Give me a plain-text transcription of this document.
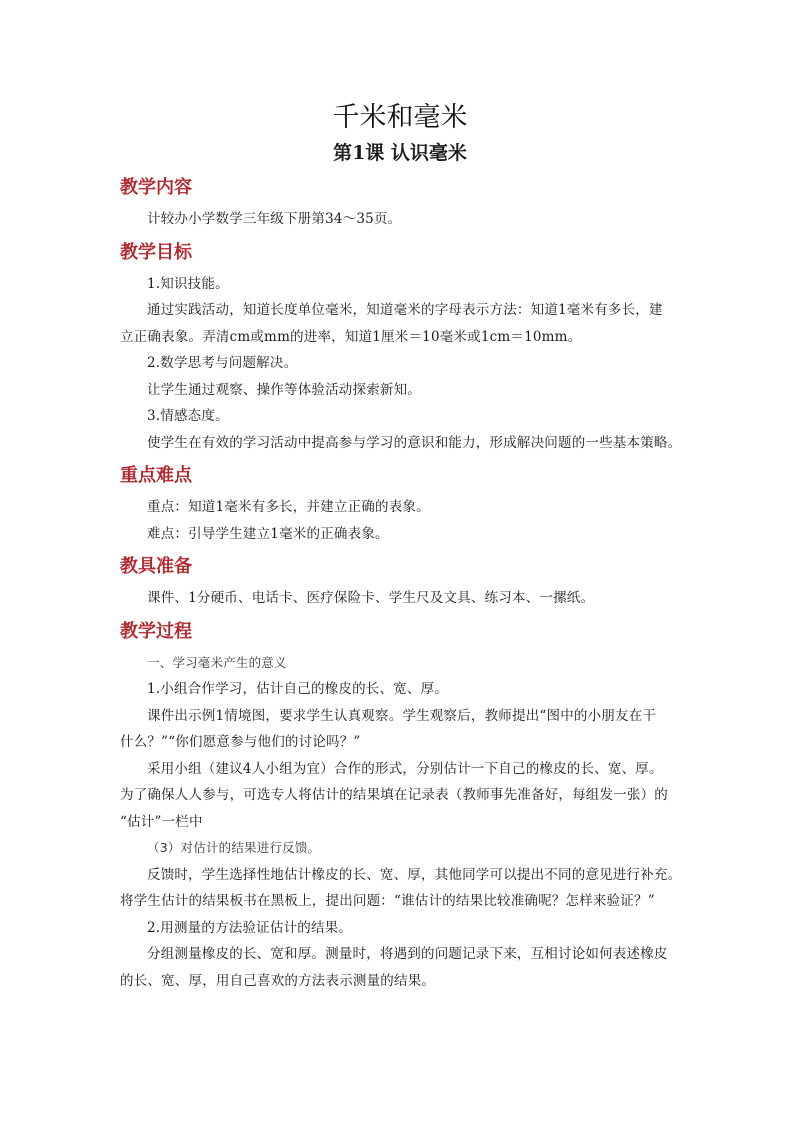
千米和毫米
第1课 认识毫米
教学内容

计较办小学数学三年级下册第34～35页。

教学目标

1.知识技能。

通过实践活动，知道长度单位毫米，知道毫米的字母表示方法：知道1毫米有多长，建

立正确表象。弄清cm或mm的进率，知道1厘米＝10毫米或1cm＝10mm。

2.数学思考与问题解决。

让学生通过观察、操作等体验活动探索新知。

3.情感态度。

使学生在有效的学习活动中提高参与学习的意识和能力，形成解决问题的一些基本策略。

重点难点

重点：知道1毫米有多长，并建立正确的表象。

难点：引导学生建立1毫米的正确表象。

教具准备

课件、1分硬币、电话卡、医疗保险卡、学生尺及文具、练习本、一摞纸。

教学过程

一、学习毫米产生的意义

1.小组合作学习，估计自己的橡皮的长、宽、厚。

课件出示例1情境图，要求学生认真观察。学生观察后，教师提出“图中的小朋友在干

什么？”“你们愿意参与他们的讨论吗？”

采用小组（建议4人小组为宜）合作的形式，分别估计一下自己的橡皮的长、宽、厚。

为了确保人人参与，可选专人将估计的结果填在记录表（教师事先准备好，每组发一张）的

“估计”一栏中

（3）对估计的结果进行反馈。

反馈时，学生选择性地估计橡皮的长、宽、厚，其他同学可以提出不同的意见进行补充。

将学生估计的结果板书在黑板上，提出问题：“谁估计的结果比较准确呢？怎样来验证？”

2.用测量的方法验证估计的结果。

分组测量橡皮的长、宽和厚。测量时，将遇到的问题记录下来，互相讨论如何表述橡皮

的长、宽、厚，用自己喜欢的方法表示测量的结果。
